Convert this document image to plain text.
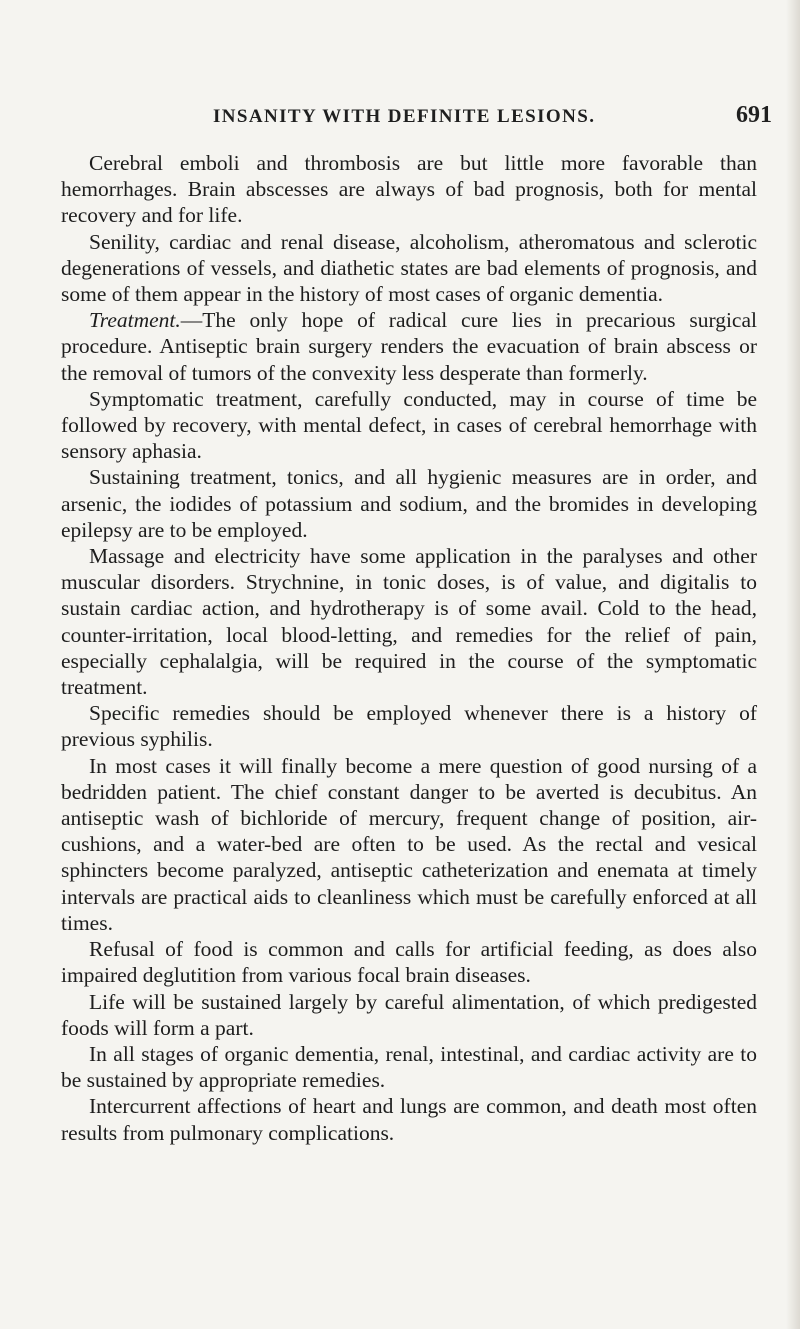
INSANITY WITH DEFINITE LESIONS.	691

Cerebral emboli and thrombosis are but little more favorable than hemorrhages. Brain abscesses are always of bad prognosis, both for mental recovery and for life.

Senility, cardiac and renal disease, alcoholism, atheromatous and sclerotic degenerations of vessels, and diathetic states are bad elements of prognosis, and some of them appear in the history of most cases of organic dementia.

Treatment.—The only hope of radical cure lies in precarious surgical procedure. Antiseptic brain surgery renders the evacuation of brain abscess or the removal of tumors of the convexity less desperate than formerly.

Symptomatic treatment, carefully conducted, may in course of time be followed by recovery, with mental defect, in cases of cerebral hemorrhage with sensory aphasia.

Sustaining treatment, tonics, and all hygienic measures are in order, and arsenic, the iodides of potassium and sodium, and the bromides in developing epilepsy are to be employed.

Massage and electricity have some application in the paralyses and other muscular disorders. Strychnine, in tonic doses, is of value, and digitalis to sustain cardiac action, and hydrotherapy is of some avail. Cold to the head, counter-irritation, local blood-letting, and remedies for the relief of pain, especially cephalalgia, will be required in the course of the symptomatic treatment.

Specific remedies should be employed whenever there is a history of previous syphilis.

In most cases it will finally become a mere question of good nursing of a bedridden patient. The chief constant danger to be averted is decubitus. An antiseptic wash of bichloride of mercury, frequent change of position, air-cushions, and a water-bed are often to be used. As the rectal and vesical sphincters become paralyzed, antiseptic catheterization and enemata at timely intervals are practical aids to cleanliness which must be carefully enforced at all times.

Refusal of food is common and calls for artificial feeding, as does also impaired deglutition from various focal brain diseases.

Life will be sustained largely by careful alimentation, of which predigested foods will form a part.

In all stages of organic dementia, renal, intestinal, and cardiac activity are to be sustained by appropriate remedies.

Intercurrent affections of heart and lungs are common, and death most often results from pulmonary complications.
